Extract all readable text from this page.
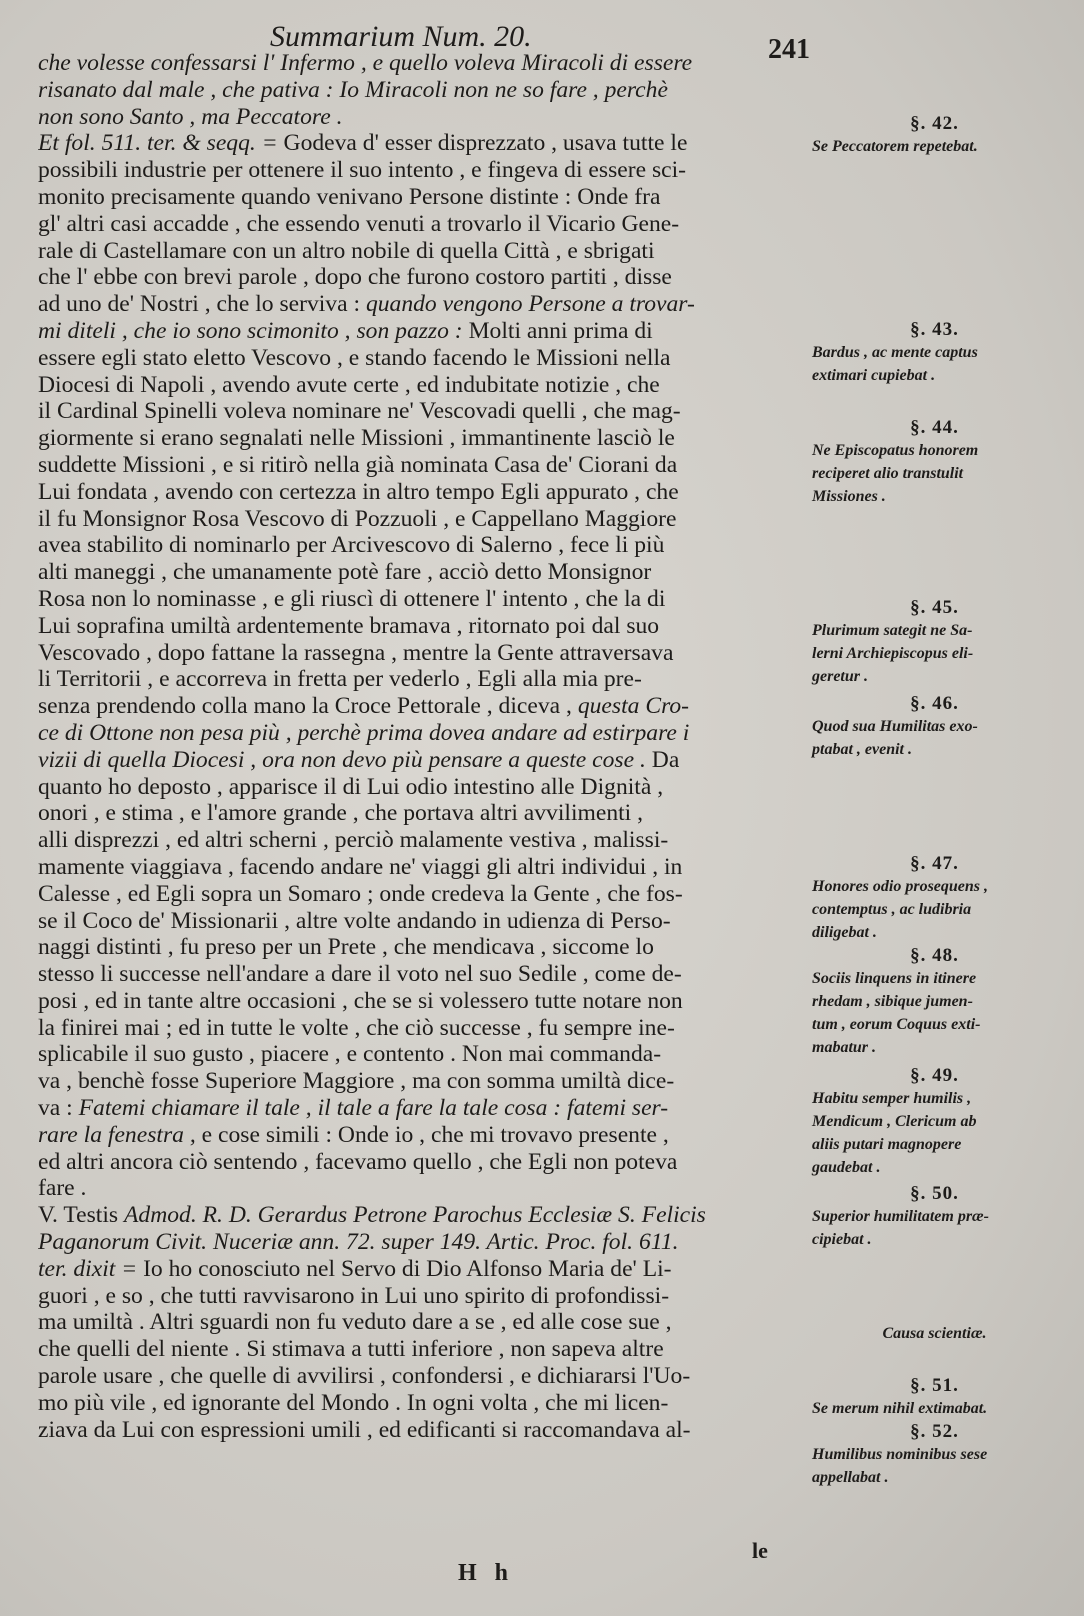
Summarium Num. 20.	241

che volesse confessarsi l' Infermo , e quello voleva Miracoli di essere
risanato dal male , che pativa : Io Miracoli non ne so fare , perchè
non sono Santo , ma Peccatore .

Et fol. 511. ter. & seqq. = Godeva d' esser disprezzato , usava tutte le
possibili industrie per ottenere il suo intento , e fingeva di essere sci-
monito precisamente quando venivano Persone distinte : Onde fra
gl' altri casi accadde , che essendo venuti a trovarlo il Vicario Gene-
rale di Castellamare con un altro nobile di quella Città , e sbrigati
che l' ebbe con brevi parole , dopo che furono costoro partiti , disse
ad uno de' Nostri , che lo serviva : quando vengono Persone a trovar-
mi diteli , che io sono scimonito , son pazzo : Molti anni prima di
essere egli stato eletto Vescovo , e stando facendo le Missioni nella
Diocesi di Napoli , avendo avute certe , ed indubitate notizie , che
il Cardinal Spinelli voleva nominare ne' Vescovadi quelli , che mag-
giormente si erano segnalati nelle Missioni , immantinente lasciò le
suddette Missioni , e si ritirò nella già nominata Casa de' Ciorani da
Lui fondata , avendo con certezza in altro tempo Egli appurato , che
il fu Monsignor Rosa Vescovo di Pozzuoli , e Cappellano Maggiore
avea stabilito di nominarlo per Arcivescovo di Salerno , fece li più
alti maneggi , che umanamente potè fare , acciò detto Monsignor
Rosa non lo nominasse , e gli riuscì di ottenere l' intento , che la di
Lui soprafina umiltà ardentemente bramava , ritornato poi dal suo
Vescovado , dopo fattane la rassegna , mentre la Gente attraversava
li Territorii , e accorreva in fretta per vederlo , Egli alla mia pre-
senza prendendo colla mano la Croce Pettorale , diceva , questa Cro-
ce di Ottone non pesa più , perchè prima dovea andare ad estirpare i
vizii di quella Diocesi , ora non devo più pensare a queste cose . Da
quanto ho deposto , apparisce il di Lui odio intestino alle Dignità ,
onori , e stima , e l'amore grande , che portava altri avvilimenti ,
alli disprezzi , ed altri scherni , perciò malamente vestiva , malissi-
mamente viaggiava , facendo andare ne' viaggi gli altri individui , in
Calesse , ed Egli sopra un Somaro ; onde credeva la Gente , che fos-
se il Coco de' Missionarii , altre volte andando in udienza di Perso-
naggi distinti , fu preso per un Prete , che mendicava , siccome lo
stesso li successe nell'andare a dare il voto nel suo Sedile , come de-
posi , ed in tante altre occasioni , che se si volessero tutte notare non
la finirei mai ; ed in tutte le volte , che ciò successe , fu sempre ine-
splicabile il suo gusto , piacere , e contento . Non mai commanda-
va , benchè fosse Superiore Maggiore , ma con somma umiltà dice-
va : Fatemi chiamare il tale , il tale a fare la tale cosa : fatemi ser-
rare la fenestra , e cose simili : Onde io , che mi trovavo presente ,
ed altri ancora ciò sentendo , facevamo quello , che Egli non poteva
fare .

V. Testis Admod. R. D. Gerardus Petrone Parochus Ecclesiæ S. Felicis
Paganorum Civit. Nuceriæ ann. 72. super 149. Artic. Proc. fol. 611.
ter. dixit = Io ho conosciuto nel Servo di Dio Alfonso Maria de' Li-
guori , e so , che tutti ravvisarono in Lui uno spirito di profondissi-
ma umiltà . Altri sguardi non fu veduto dare a se , ed alle cose sue ,
che quelli del niente . Si stimava a tutti inferiore , non sapeva altre
parole usare , che quelle di avvilirsi , confondersi , e dichiararsi l'Uo-
mo più vile , ed ignorante del Mondo . In ogni volta , che mi licen-
ziava da Lui con espressioni umili , ed edificanti si raccomandava al-

§. 42.
Se Peccatorem repetebat.
§. 43.
Bardus , ac mente captus
extimari cupiebat .
§. 44.
Ne Episcopatus honorem
reciperet alio transtulit
Missiones .
§. 45.
Plurimum sategit ne Sa-
lerni Archiepiscopus eli-
geretur .
§. 46.
Quod sua Humilitas exo-
ptabat , evenit .
§. 47.
Honores odio prosequens ,
contemptus , ac ludibria
diligebat .
§. 48.
Sociis linquens in itinere
rhedam , sibique jumen-
tum , eorum Coquus exti-
mabatur .
§. 49.
Habitu semper humilis ,
Mendicum , Clericum ab
aliis putari magnopere
gaudebat .
§. 50.
Superior humilitatem præ-
cipiebat .
Causa scientiæ.
§. 51.
Se merum nihil extimabat.
§. 52.
Humilibus nominibus sese
appellabat .
le
H h
